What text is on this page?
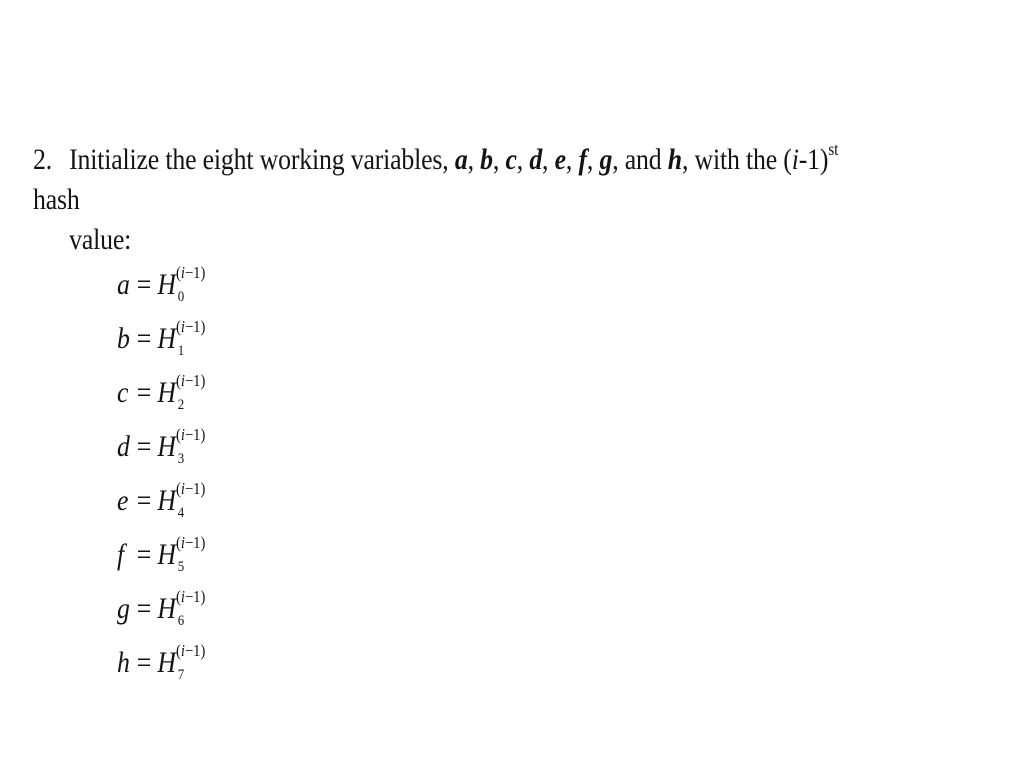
2. Initialize the eight working variables, a, b, c, d, e, f, g, and h, with the $(i-1)^{st}$ hash
value:
a = H (i−1)
0
b = H (i−1)
1
c = H (i−1)
2
d = H (i−1)
3
e = H (i−1)
4
f = H (i−1)
5
g = H (i−1)
6
h = H (i−1)
7
